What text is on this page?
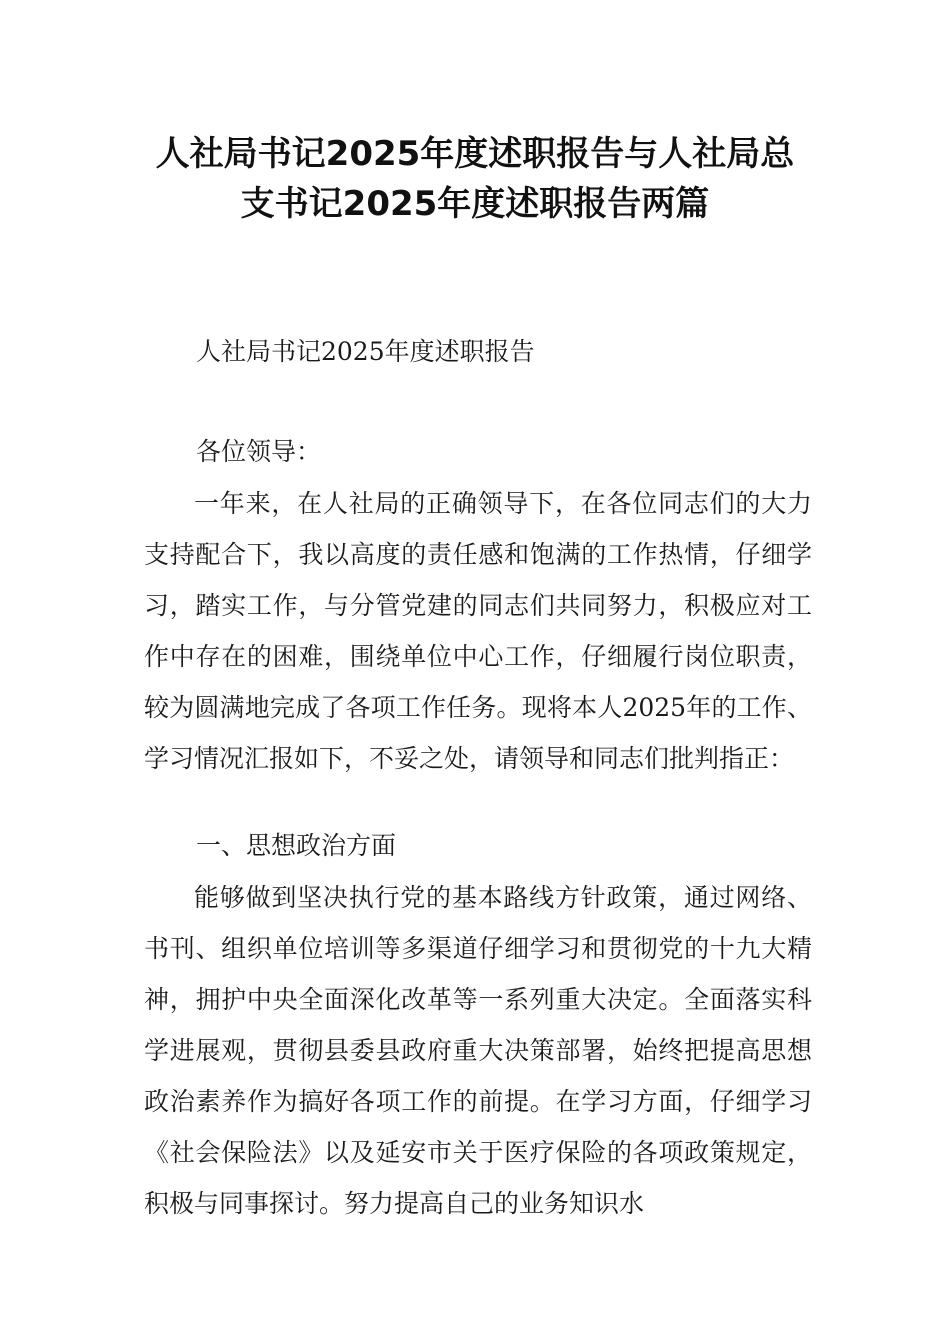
人社局书记2025年度述职报告与人社局总
支书记2025年度述职报告两篇
人社局书记2025年度述职报告
各位领导：
一年来，在人社局的正确领导下，在各位同志们的大力支持配合下，我以高度的责任感和饱满的工作热情，仔细学习，踏实工作，与分管党建的同志们共同努力，积极应对工作中存在的困难，围绕单位中心工作，仔细履行岗位职责，较为圆满地完成了各项工作任务。现将本人2025年的工作、学习情况汇报如下，不妥之处，请领导和同志们批判指正：
一、思想政治方面
能够做到坚决执行党的基本路线方针政策，通过网络、书刊、组织单位培训等多渠道仔细学习和贯彻党的十九大精神，拥护中央全面深化改革等一系列重大决定。全面落实科学进展观，贯彻县委县政府重大决策部署，始终把提高思想政治素养作为搞好各项工作的前提。在学习方面，仔细学习《社会保险法》以及延安市关于医疗保险的各项政策规定，积极与同事探讨。努力提高自己的业务知识水
